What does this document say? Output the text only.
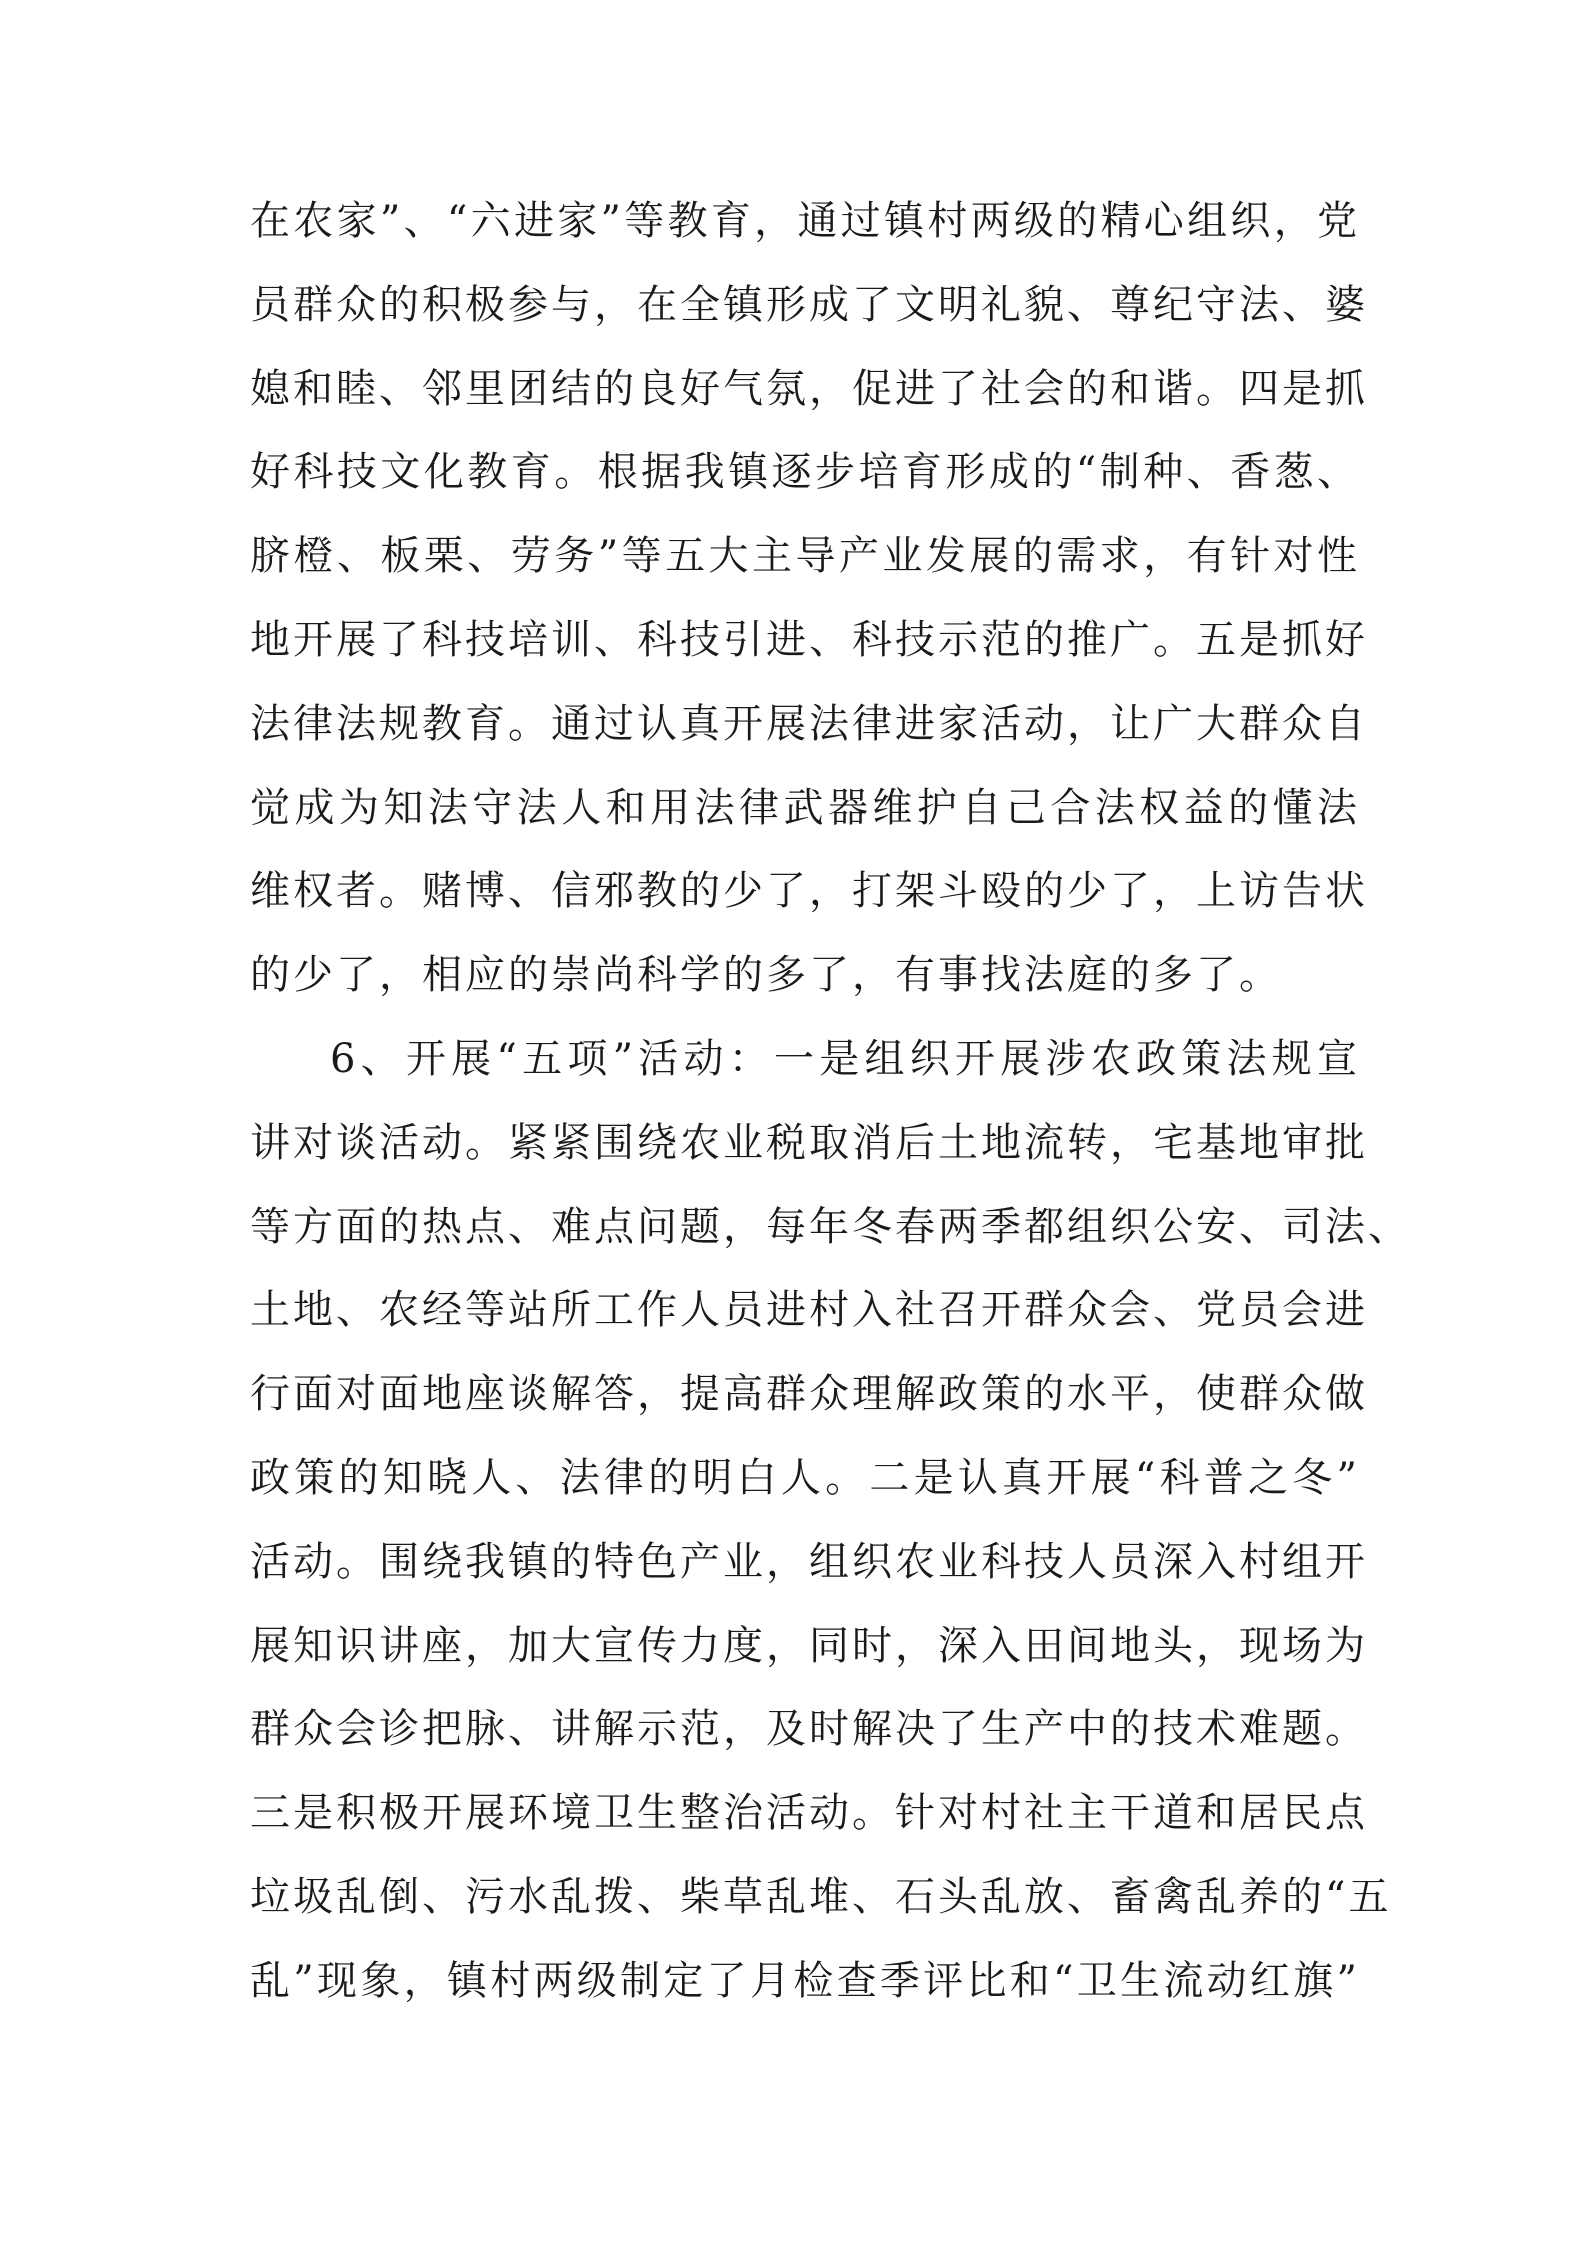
在农家”、“六进家”等教育，通过镇村两级的精心组织，党
员群众的积极参与，在全镇形成了文明礼貌、尊纪守法、婆
媳和睦、邻里团结的良好气氛，促进了社会的和谐。四是抓
好科技文化教育。根据我镇逐步培育形成的“制种、香葱、
脐橙、板栗、劳务”等五大主导产业发展的需求，有针对性
地开展了科技培训、科技引进、科技示范的推广。五是抓好
法律法规教育。通过认真开展法律进家活动，让广大群众自
觉成为知法守法人和用法律武器维护自己合法权益的懂法
维权者。赌博、信邪教的少了，打架斗殴的少了，上访告状
的少了，相应的崇尚科学的多了，有事找法庭的多了。
6、开展“五项”活动：一是组织开展涉农政策法规宣
讲对谈活动。紧紧围绕农业税取消后土地流转，宅基地审批
等方面的热点、难点问题，每年冬春两季都组织公安、司法、
土地、农经等站所工作人员进村入社召开群众会、党员会进
行面对面地座谈解答，提高群众理解政策的水平，使群众做
政策的知晓人、法律的明白人。二是认真开展“科普之冬”
活动。围绕我镇的特色产业，组织农业科技人员深入村组开
展知识讲座，加大宣传力度，同时，深入田间地头，现场为
群众会诊把脉、讲解示范，及时解决了生产中的技术难题。
三是积极开展环境卫生整治活动。针对村社主干道和居民点
垃圾乱倒、污水乱拨、柴草乱堆、石头乱放、畜禽乱养的“五
乱”现象，镇村两级制定了月检查季评比和“卫生流动红旗”
